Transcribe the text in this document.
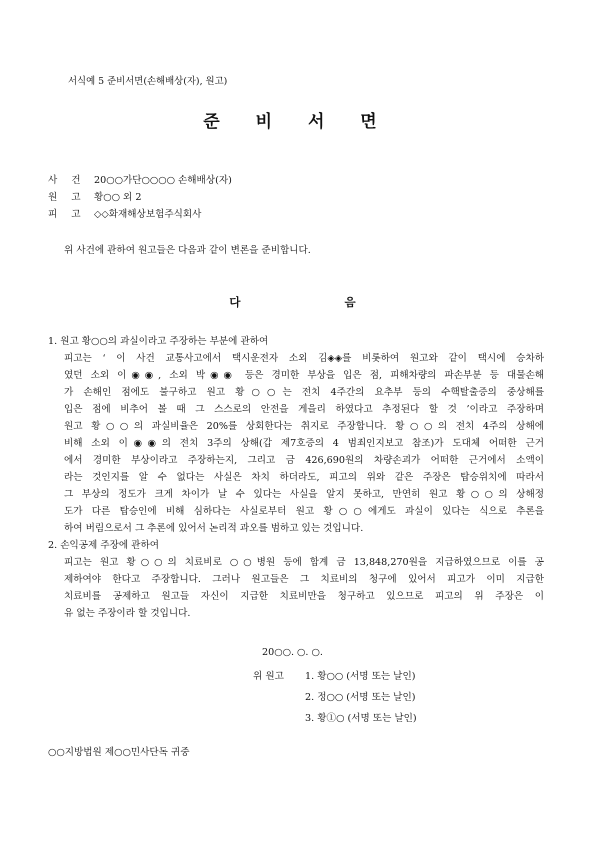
서식예 5 준비서면(손해배상(자), 원고)
준 비 서 면
사건20○○가단○○○○ 손해배상(자)
원고황○○ 외 2
피고◇◇화재해상보험주식회사
위 사건에 관하여 원고들은 다음과 같이 변론을 준비합니다.
다 음
1. 원고 황○○의 과실이라고 주장하는 부분에 관하여
피고는 ‘ 이 사건 교통사고에서 택시운전자 소외 김◈◈를 비롯하여 원고와 같이 택시에 승차하
였던 소외 이◉◉, 소외 박◉◉ 등은 경미한 부상을 입은 점, 피해차량의 파손부분 등 대물손해
가 손해인 점에도 불구하고 원고 황○○는 전치 4주간의 요추부 등의 수핵탈출증의 중상해를
입은 점에 비추어 볼 때 그 스스로의 안전을 게을리 하였다고 추정된다 할 것 ’이라고 주장하며
원고 황○○의 과실비율은 20%를 상회한다는 취지로 주장합니다. 황○○의 전치 4주의 상해에
비해 소외 이◉◉의 전치 3주의 상해(갑 제7호증의 4 범죄인지보고 참조)가 도대체 어떠한 근거
에서 경미한 부상이라고 주장하는지, 그리고 금 426,690원의 차량손괴가 어떠한 근거에서 소액이
라는 것인지를 알 수 없다는 사실은 차치 하더라도, 피고의 위와 같은 주장은 탑승위치에 따라서
그 부상의 정도가 크게 차이가 날 수 있다는 사실을 알지 못하고, 만연히 원고 황○○의 상해정
도가 다른 탑승인에 비해 심하다는 사실로부터 원고 황○○에게도 과실이 있다는 식으로 추론을
하여 버림으로서 그 추론에 있어서 논리적 과오를 범하고 있는 것입니다.
2. 손익공제 주장에 관하여
피고는 원고 황○○의 치료비로 ○○병원 등에 합계 금 13,848,270원을 지급하였으므로 이를 공
제하여야 한다고 주장합니다. 그러나 원고들은 그 치료비의 청구에 있어서 피고가 이미 지급한
치료비를 공제하고 원고들 자신이 지급한 치료비만을 청구하고 있으므로 피고의 위 주장은 이
유 없는 주장이라 할 것입니다.
20○○. ○. ○.
위 원고 1. 황○○ (서명 또는 날인)
2. 정○○ (서명 또는 날인)
3. 황①○ (서명 또는 날인)
○○지방법원 제○○민사단독 귀중
